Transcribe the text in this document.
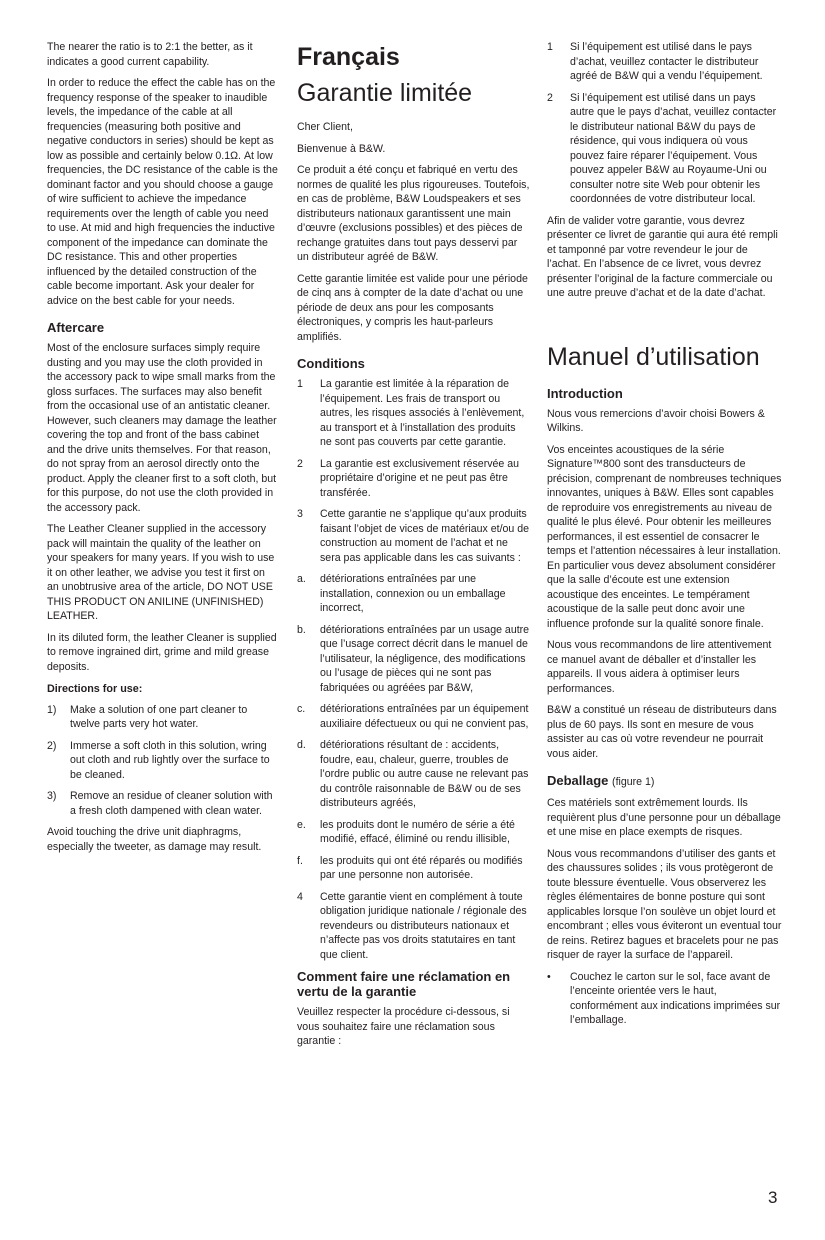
The nearer the ratio is to 2:1 the better, as it indicates a good current capability.

In order to reduce the effect the cable has on the frequency response of the speaker to inaudible levels, the impedance of the cable at all frequencies (measuring both positive and negative conductors in series) should be kept as low as possible and certainly below 0.1Ω. At low frequencies, the DC resistance of the cable is the dominant factor and you should choose a gauge of wire sufficient to achieve the impedance requirements over the length of cable you need to use. At mid and high frequencies the inductive component of the impedance can dominate the DC resistance. This and other properties influenced by the detailed construction of the cable become important. Ask your dealer for advice on the best cable for your needs.

Aftercare

Most of the enclosure surfaces simply require dusting and you may use the cloth provided in the accessory pack to wipe small marks from the gloss surfaces. The surfaces may also benefit from the occasional use of an antistatic cleaner. However, such cleaners may damage the leather covering the top and front of the bass cabinet and the drive units themselves. For that reason, do not spray from an aerosol directly onto the product. Apply the cleaner first to a soft cloth, but for this purpose, do not use the cloth provided in the accessory pack.

The Leather Cleaner supplied in the accessory pack will maintain the quality of the leather on your speakers for many years. If you wish to use it on other leather, we advise you test it first on an unobtrusive area of the article, DO NOT USE THIS PRODUCT ON ANILINE (UNFINISHED) LEATHER.

In its diluted form, the leather Cleaner is supplied to remove ingrained dirt, grime and mild grease deposits.

Directions for use:
1)	Make a solution of one part cleaner to twelve parts very hot water.
2)	Immerse a soft cloth in this solution, wring out cloth and rub lightly over the surface to be cleaned.
3)	Remove an residue of cleaner solution with a fresh cloth dampened with clean water.

Avoid touching the drive unit diaphragms, especially the tweeter, as damage may result.

Français
Garantie limitée

Cher Client,

Bienvenue à B&W.

Ce produit a été conçu et fabriqué en vertu des normes de qualité les plus rigoureuses. Toutefois, en cas de problème, B&W Loudspeakers et ses distributeurs nationaux garantissent une main d’œuvre (exclusions possibles) et des pièces de rechange gratuites dans tout pays desservi par un distributeur agréé de B&W.

Cette garantie limitée est valide pour une période de cinq ans à compter de la date d’achat ou une période de deux ans pour les composants électroniques, y compris les haut-parleurs amplifiés.

Conditions
1	La garantie est limitée à la réparation de l’équipement. Les frais de transport ou autres, les risques associés à l’enlèvement, au transport et à l’installation des produits ne sont pas couverts par cette garantie.
2	La garantie est exclusivement réservée au propriétaire d’origine et ne peut pas être transférée.
3	Cette garantie ne s’applique qu’aux produits faisant l’objet de vices de matériaux et/ou de construction au moment de l’achat et ne sera pas applicable dans les cas suivants :
a.	détériorations entraînées par une installation, connexion ou un emballage incorrect,
b.	détériorations entraînées par un usage autre que l’usage correct décrit dans le manuel de l’utilisateur, la négligence, des modifications ou l’usage de pièces qui ne sont pas fabriquées ou agréées par B&W,
c.	détériorations entraînées par un équipement auxiliaire défectueux ou qui ne convient pas,
d.	détériorations résultant de : accidents, foudre, eau, chaleur, guerre, troubles de l’ordre public ou autre cause ne relevant pas du contrôle raisonnable de B&W ou de ses distributeurs agréés,
e.	les produits dont le numéro de série a été modifié, effacé, éliminé ou rendu illisible,
f.	les produits qui ont été réparés ou modifiés par une personne non autorisée.
4	Cette garantie vient en complément à toute obligation juridique nationale / régionale des revendeurs ou distributeurs nationaux et n’affecte pas vos droits statutaires en tant que client.
Comment faire une réclamation en vertu de la garantie

Veuillez respecter la procédure ci-dessous, si vous souhaitez faire une réclamation sous garantie :

1	Si l’équipement est utilisé dans le pays d’achat, veuillez contacter le distributeur agréé de B&W qui a vendu l’équipement.
2	Si l’équipement est utilisé dans un pays autre que le pays d’achat, veuillez contacter le distributeur national B&W du pays de résidence, qui vous indiquera où vous pouvez faire réparer l’équipement. Vous pouvez appeler B&W au Royaume-Uni ou consulter notre site Web pour obtenir les coordonnées de votre distributeur local.

Afin de valider votre garantie, vous devrez présenter ce livret de garantie qui aura été rempli et tamponné par votre revendeur le jour de l’achat. En l’absence de ce livret, vous devrez présenter l’original de la facture commerciale ou une autre preuve d’achat et de la date d’achat.

Manuel d’utilisation
Introduction

Nous vous remercions d’avoir choisi Bowers & Wilkins.

Vos enceintes acoustiques de la série Signature™800 sont des transducteurs de précision, comprenant de nombreuses techniques innovantes, uniques à B&W. Elles sont capables de reproduire vos enregistrements au niveau de qualité le plus élevé. Pour obtenir les meilleures performances, il est essentiel de consacrer le temps et l’attention nécessaires à leur installation. En particulier vous devez absolument considérer que la salle d’écoute est une extension acoustique des enceintes. Le tempérament acoustique de la salle peut donc avoir une influence profonde sur la qualité sonore finale.

Nous vous recommandons de lire attentivement ce manuel avant de déballer et d’installer les appareils. Il vous aidera à optimiser leurs performances.

B&W a constitué un réseau de distributeurs dans plus de 60 pays. Ils sont en mesure de vous assister au cas où votre revendeur ne pourrait vous aider.

Deballage (figure 1)

Ces matériels sont extrêmement lourds. Ils requièrent plus d’une personne pour un déballage et une mise en place exempts de risques.

Nous vous recommandons d’utiliser des gants et des chaussures solides ; ils vous protègeront de toute blessure éventuelle. Vous observerez les règles élémentaires de bonne posture qui sont applicables lorsque l’on soulève un objet lourd et encombrant ; elles vous éviteront un eventual tour de reins. Retirez bagues et bracelets pour ne pas risquer de rayer la surface de l’appareil.

•	Couchez le carton sur le sol, face avant de l’enceinte orientée vers le haut, conformément aux indications imprimées sur l’emballage.
3
